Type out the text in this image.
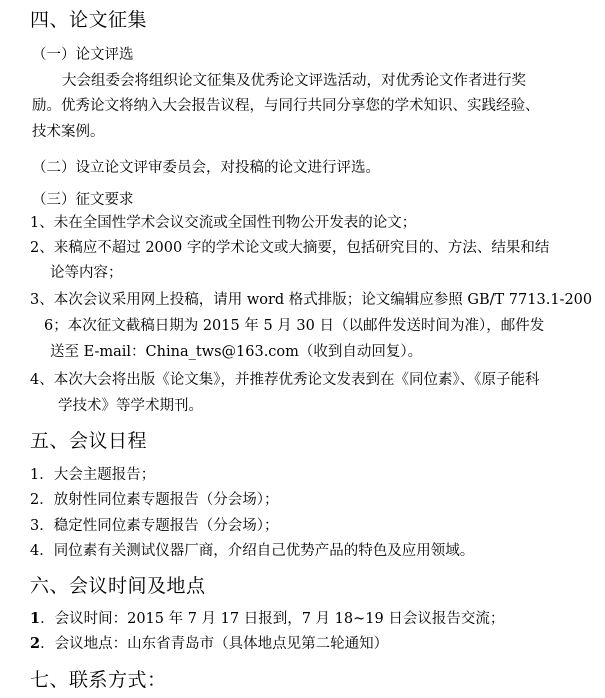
四、论文征集
（一）论文评选
大会组委会将组织论文征集及优秀论文评选活动，对优秀论文作者进行奖
励。优秀论文将纳入大会报告议程，与同行共同分享您的学术知识、实践经验、
技术案例。
（二）设立论文评审委员会，对投稿的论文进行评选。
（三）征文要求
1、未在全国性学术会议交流或全国性刊物公开发表的论文；
2、来稿应不超过 2000 字的学术论文或大摘要，包括研究目的、方法、结果和结
论等内容；
3、本次会议采用网上投稿，请用 word 格式排版；论文编辑应参照 GB/T 7713.1-200
6；本次征文截稿日期为 2015 年 5 月 30 日（以邮件发送时间为准），邮件发
送至 E-mail：China_tws@163.com（收到自动回复）。
4、本次大会将出版《论文集》，并推荐优秀论文发表到在《同位素》、《原子能科
学技术》等学术期刊。
五、会议日程
1．大会主题报告；
2．放射性同位素专题报告（分会场）；
3．稳定性同位素专题报告（分会场）；
4．同位素有关测试仪器厂商，介绍自己优势产品的特色及应用领域。
六、会议时间及地点
1．会议时间：2015 年 7 月 17 日报到，7 月 18~19 日会议报告交流；
2．会议地点：山东省青岛市（具体地点见第二轮通知）
七、联系方式：
